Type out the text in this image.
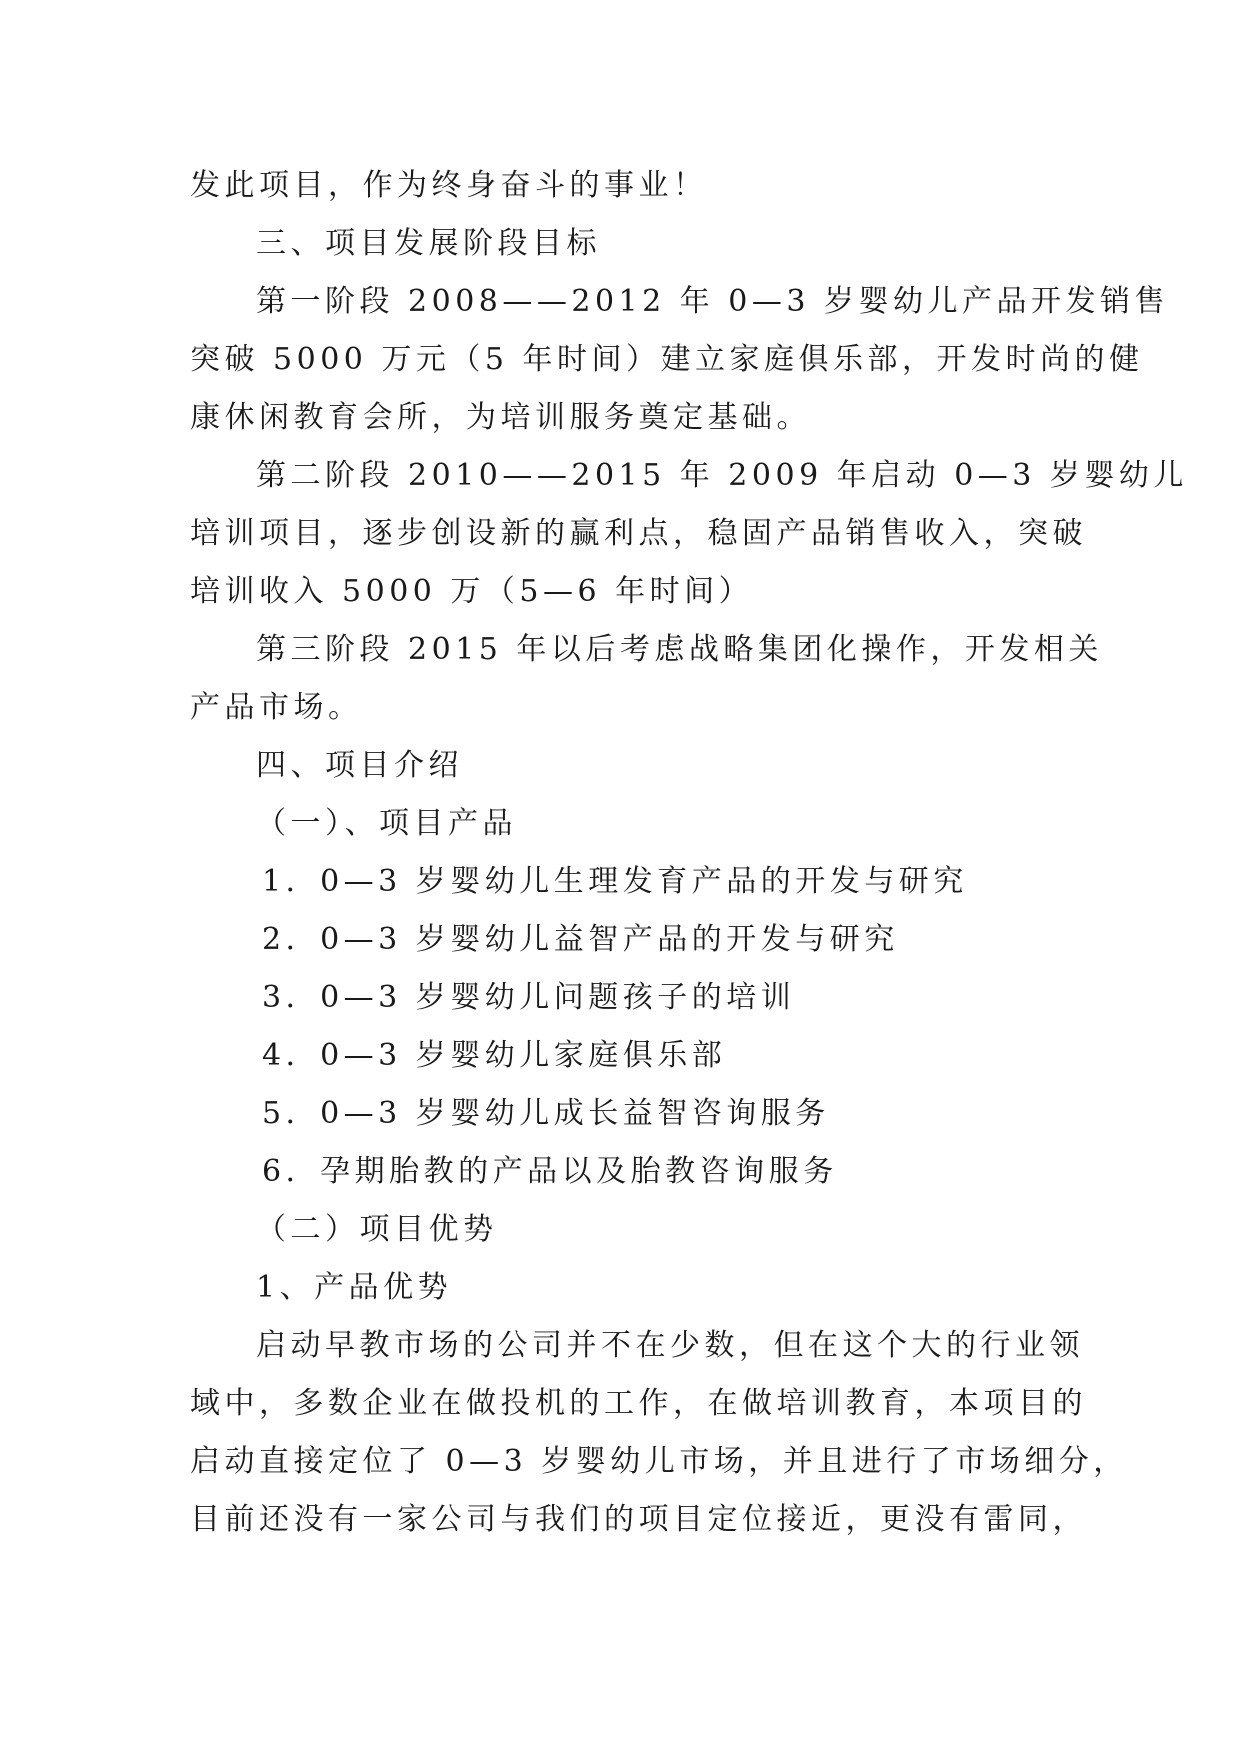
发此项目，作为终身奋斗的事业！
三、项目发展阶段目标
第一阶段 2008——2012 年 0—3 岁婴幼儿产品开发销售
突破 5000 万元（5 年时间）建立家庭俱乐部，开发时尚的健
康休闲教育会所，为培训服务奠定基础。
第二阶段 2010——2015 年 2009 年启动 0—3 岁婴幼儿
培训项目，逐步创设新的赢利点，稳固产品销售收入，突破
培训收入 5000 万（5—6 年时间）
第三阶段 2015 年以后考虑战略集团化操作，开发相关
产品市场。
四、项目介绍
（一）、项目产品
1．0—3 岁婴幼儿生理发育产品的开发与研究
2．0—3 岁婴幼儿益智产品的开发与研究
3．0—3 岁婴幼儿问题孩子的培训
4．0—3 岁婴幼儿家庭俱乐部
5．0—3 岁婴幼儿成长益智咨询服务
6．孕期胎教的产品以及胎教咨询服务
（二）项目优势
1、产品优势
启动早教市场的公司并不在少数，但在这个大的行业领
域中，多数企业在做投机的工作，在做培训教育，本项目的
启动直接定位了 0—3 岁婴幼儿市场，并且进行了市场细分，
目前还没有一家公司与我们的项目定位接近，更没有雷同，
